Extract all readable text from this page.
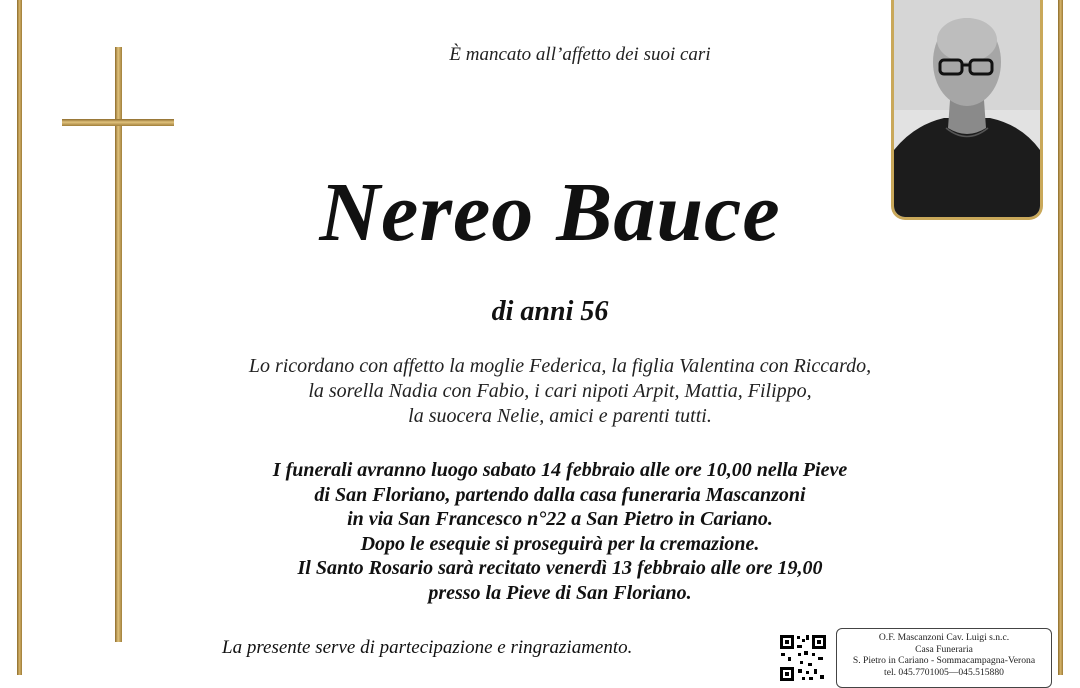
È mancato all’affetto dei suoi cari
Nereo Bauce
di anni 56
Lo ricordano con affetto la moglie Federica, la figlia Valentina con Riccardo,
la sorella Nadia con Fabio, i cari nipoti Arpit, Mattia, Filippo,
la suocera Nelie, amici e parenti tutti.
I funerali avranno luogo sabato 14 febbraio alle ore 10,00 nella Pieve
di San Floriano, partendo dalla casa funeraria Mascanzoni
in via San Francesco n°22 a San Pietro in Cariano.
Dopo le esequie si proseguirà per la cremazione.
Il Santo Rosario sarà recitato venerdì 13 febbraio alle ore 19,00
presso la Pieve di San Floriano.
La presente serve di partecipazione e ringraziamento.	O.F. Mascanzoni Cav. Luigi s.n.c.
Casa Funeraria
S. Pietro in Cariano - Sommacampagna-Verona
tel. 045.7701005—045.515880
